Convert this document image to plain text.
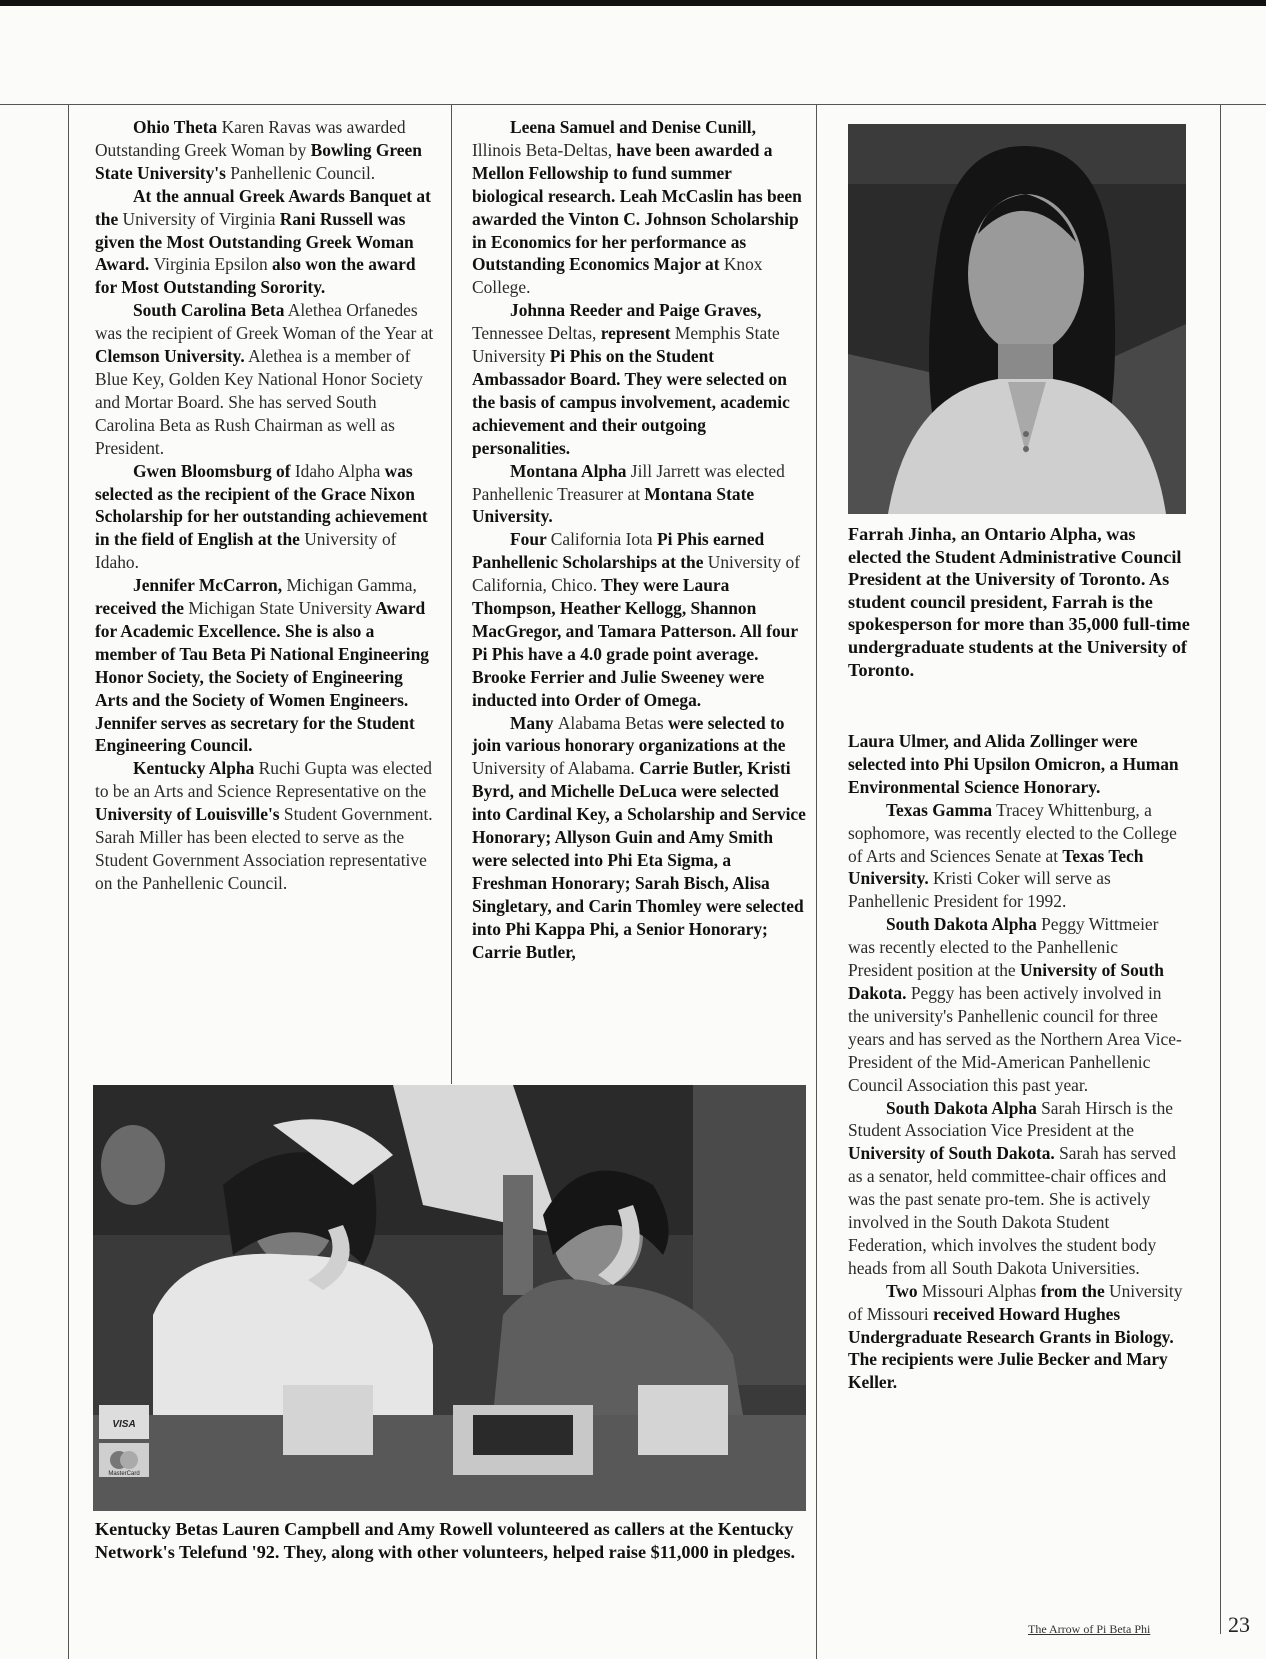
Ohio Theta Karen Ravas was awarded Outstanding Greek Woman by Bowling Green State University's Panhellenic Council.

At the annual Greek Awards Banquet at the University of Virginia Rani Russell was given the Most Outstanding Greek Woman Award. Virginia Epsilon also won the award for Most Outstanding Sorority.

South Carolina Beta Alethea Orfanedes was the recipient of Greek Woman of the Year at Clemson University. Alethea is a member of Blue Key, Golden Key National Honor Society and Mortar Board. She has served South Carolina Beta as Rush Chairman as well as President.

Gwen Bloomsburg of Idaho Alpha was selected as the recipient of the Grace Nixon Scholarship for her outstanding achievement in the field of English at the University of Idaho.

Jennifer McCarron, Michigan Gamma, received the Michigan State University Award for Academic Excellence. She is also a member of Tau Beta Pi National Engineering Honor Society, the Society of Engineering Arts and the Society of Women Engineers. Jennifer serves as secretary for the Student Engineering Council.

Kentucky Alpha Ruchi Gupta was elected to be an Arts and Science Representative on the University of Louisville's Student Government. Sarah Miller has been elected to serve as the Student Government Association representative on the Panhellenic Council.

Leena Samuel and Denise Cunill, Illinois Beta-Deltas, have been awarded a Mellon Fellowship to fund summer biological research. Leah McCaslin has been awarded the Vinton C. Johnson Scholarship in Economics for her performance as Outstanding Economics Major at Knox College.

Johnna Reeder and Paige Graves, Tennessee Deltas, represent Memphis State University Pi Phis on the Student Ambassador Board. They were selected on the basis of campus involvement, academic achievement and their outgoing personalities.

Montana Alpha Jill Jarrett was elected Panhellenic Treasurer at Montana State University.

Four California Iota Pi Phis earned Panhellenic Scholarships at the University of California, Chico. They were Laura Thompson, Heather Kellogg, Shannon MacGregor, and Tamara Patterson. All four Pi Phis have a 4.0 grade point average. Brooke Ferrier and Julie Sweeney were inducted into Order of Omega.

Many Alabama Betas were selected to join various honorary organizations at the University of Alabama. Carrie Butler, Kristi Byrd, and Michelle DeLuca were selected into Cardinal Key, a Scholarship and Service Honorary; Allyson Guin and Amy Smith were selected into Phi Eta Sigma, a Freshman Honorary; Sarah Bisch, Alisa Singletary, and Carin Thomley were selected into Phi Kappa Phi, a Senior Honorary; Carrie Butler,

Laura Ulmer, and Alida Zollinger were selected into Phi Upsilon Omicron, a Human Environmental Science Honorary.

Texas Gamma Tracey Whittenburg, a sophomore, was recently elected to the College of Arts and Sciences Senate at Texas Tech University. Kristi Coker will serve as Panhellenic President for 1992.

South Dakota Alpha Peggy Wittmeier was recently elected to the Panhellenic President position at the University of South Dakota. Peggy has been actively involved in the university's Panhellenic council for three years and has served as the Northern Area Vice-President of the Mid-American Panhellenic Council Association this past year.

South Dakota Alpha Sarah Hirsch is the Student Association Vice President at the University of South Dakota. Sarah has served as a senator, held committee-chair offices and was the past senate pro-tem. She is actively involved in the South Dakota Student Federation, which involves the student body heads from all South Dakota Universities.

Two Missouri Alphas from the University of Missouri received Howard Hughes Undergraduate Research Grants in Biology. The recipients were Julie Becker and Mary Keller.

Farrah Jinha, an Ontario Alpha, was elected the Student Administrative Council President at the University of Toronto. As student council president, Farrah is the spokesperson for more than 35,000 full-time undergraduate students at the University of Toronto.
VISA
MasterCard
Kentucky Betas Lauren Campbell and Amy Rowell volunteered as callers at the Kentucky Network's Telefund '92. They, along with other volunteers, helped raise $11,000 in pledges.
The Arrow of Pi Beta Phi	23
